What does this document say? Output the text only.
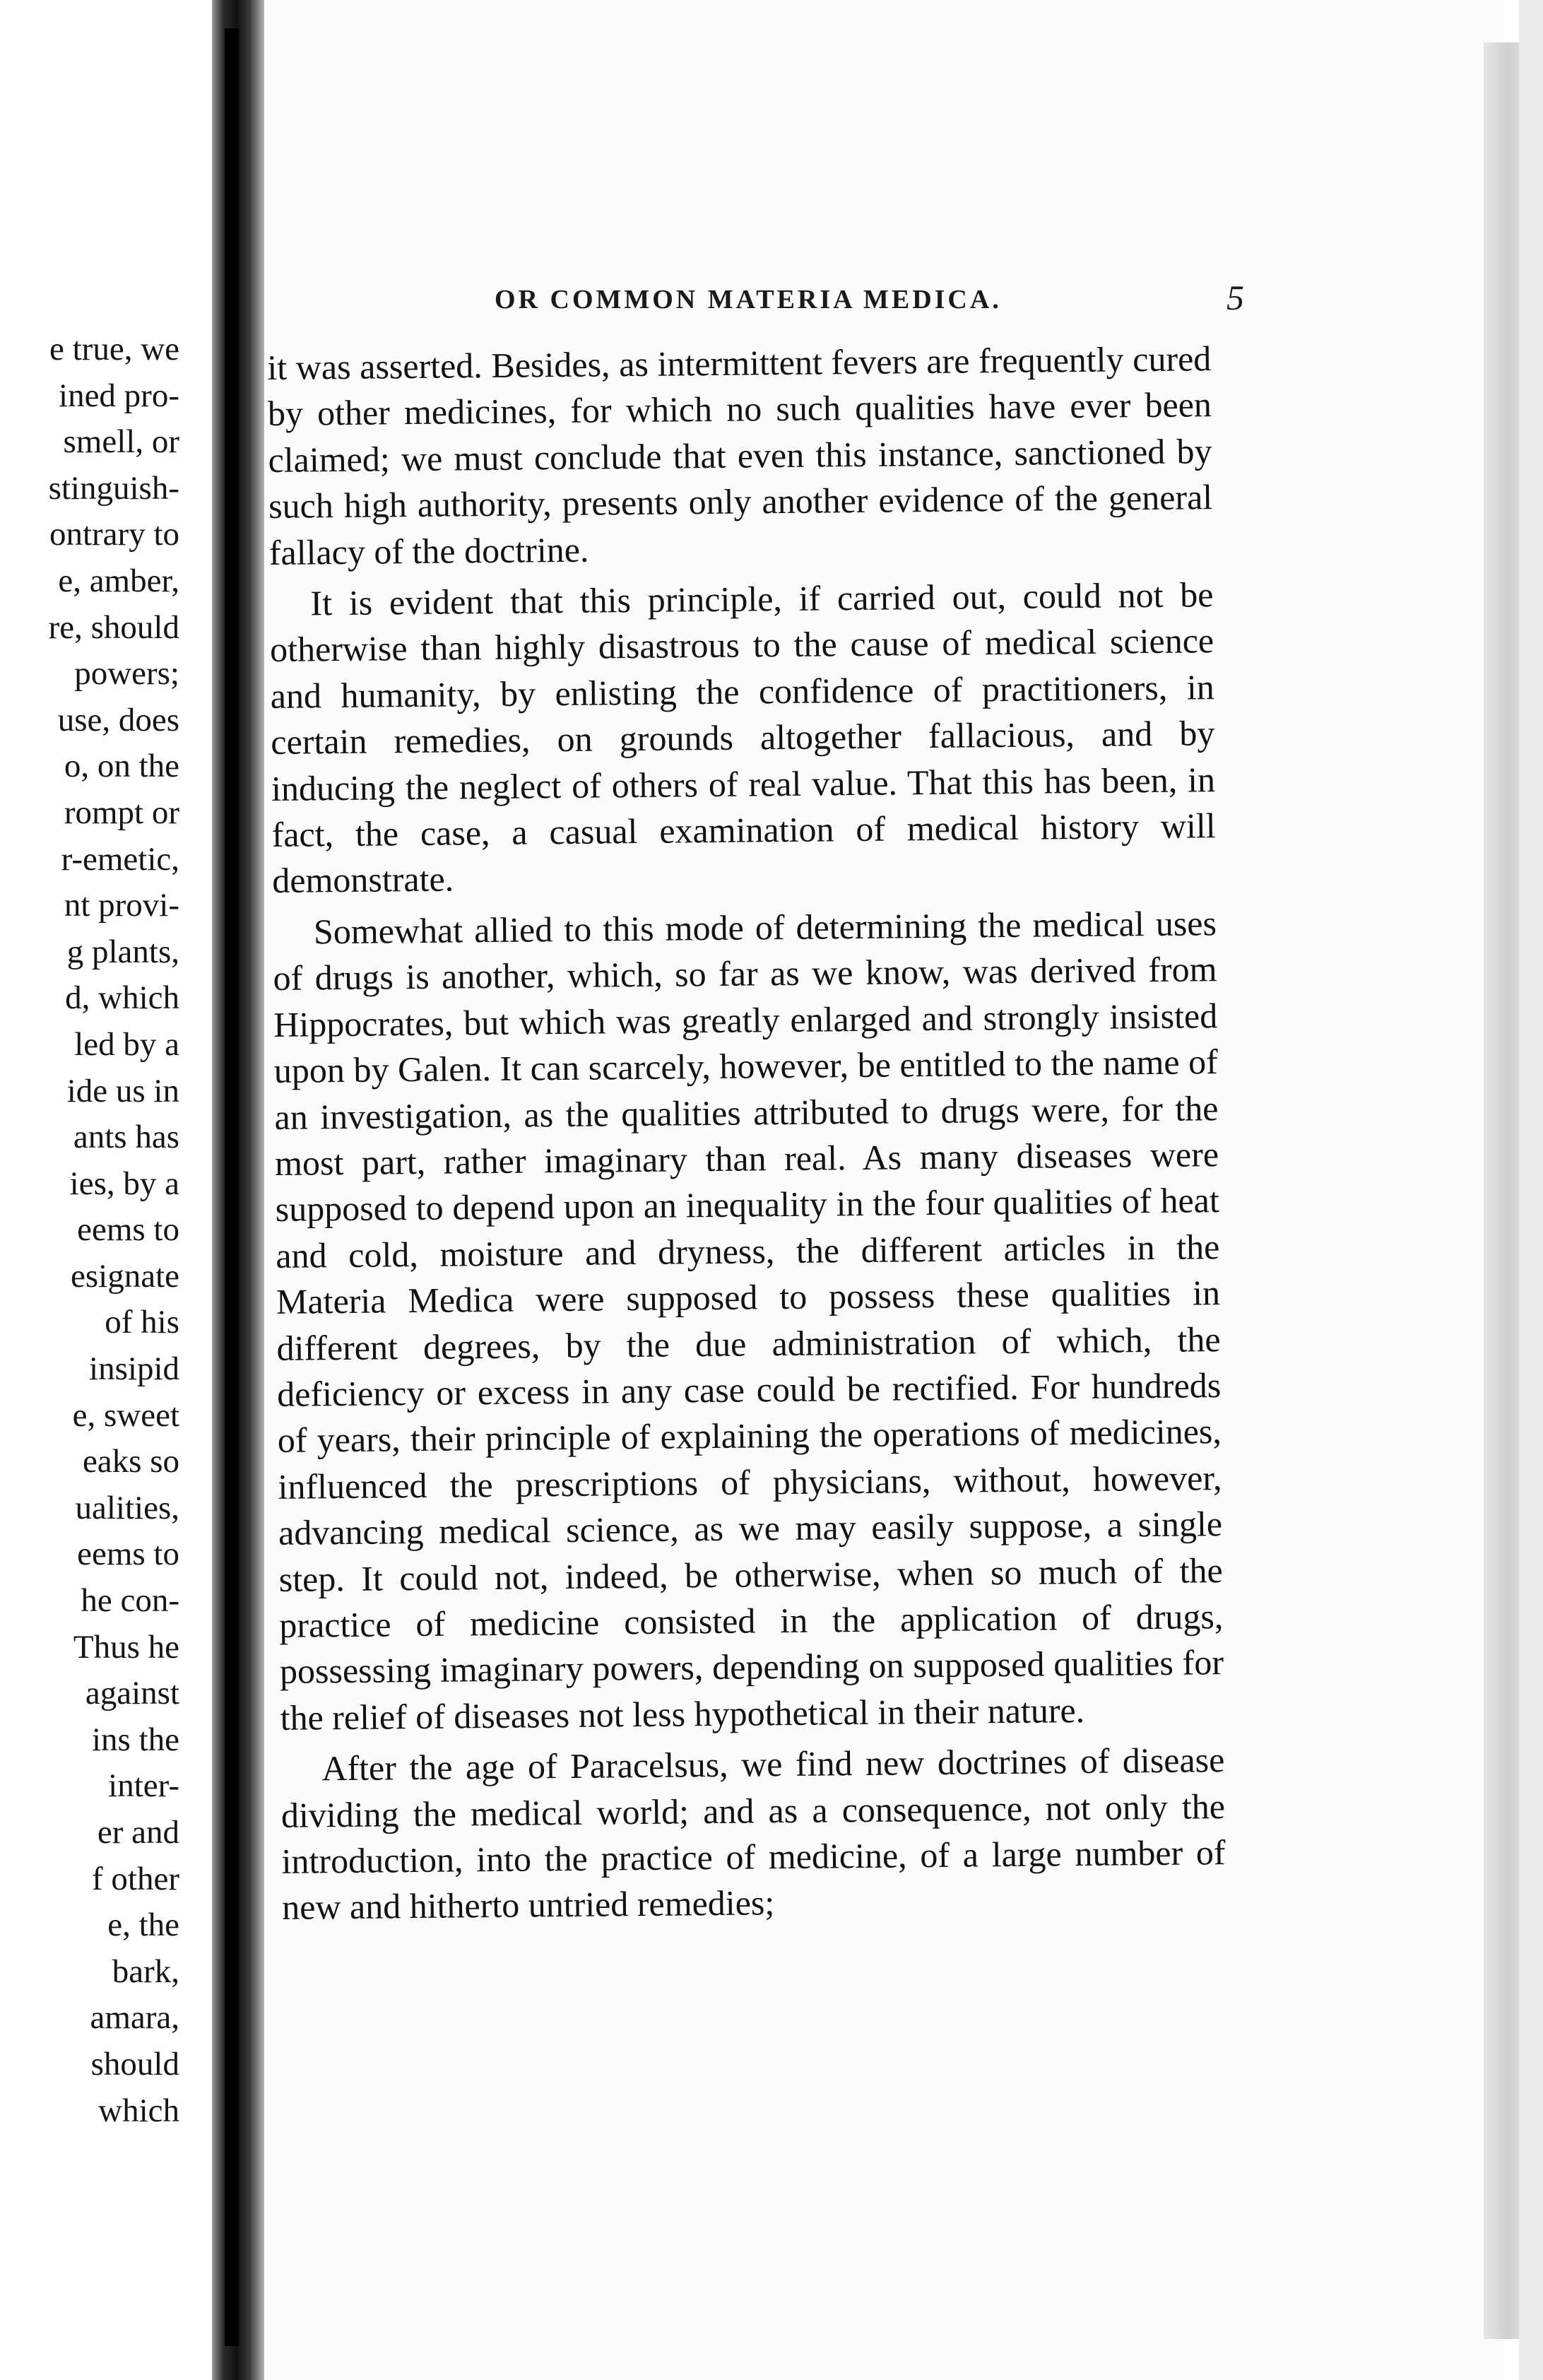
e true, we
ined pro-
smell, or
stinguish-
ontrary to
e, amber,
re, should
powers;
use, does
o, on the
rompt or
r-emetic,
nt provi-
g plants,
d, which
led by a
ide us in
ants has
ies, by a
eems to
esignate
of his
insipid
e, sweet
eaks so
ualities,
eems to
he con-
Thus he
against
ins the
inter-
er and
f other
e, the
bark,
amara,
should
which
OR COMMON MATERIA MEDICA.	5

it was asserted. Besides, as intermittent fevers are frequently cured by other medicines, for which no such qualities have ever been claimed; we must conclude that even this instance, sanctioned by such high authority, presents only another evidence of the general fallacy of the doctrine.

It is evident that this principle, if carried out, could not be otherwise than highly disastrous to the cause of medical science and humanity, by enlisting the confidence of practitioners, in certain remedies, on grounds altogether fallacious, and by inducing the neglect of others of real value. That this has been, in fact, the case, a casual examination of medical history will demonstrate.

Somewhat allied to this mode of determining the medical uses of drugs is another, which, so far as we know, was derived from Hippocrates, but which was greatly enlarged and strongly insisted upon by Galen. It can scarcely, however, be entitled to the name of an investigation, as the qualities attributed to drugs were, for the most part, rather imaginary than real. As many diseases were supposed to depend upon an inequality in the four qualities of heat and cold, moisture and dryness, the different articles in the Materia Medica were supposed to possess these qualities in different degrees, by the due administration of which, the deficiency or excess in any case could be rectified. For hundreds of years, their principle of explaining the operations of medicines, influenced the prescriptions of physicians, without, however, advancing medical science, as we may easily suppose, a single step. It could not, indeed, be otherwise, when so much of the practice of medicine consisted in the application of drugs, possessing imaginary powers, depending on supposed qualities for the relief of diseases not less hypothetical in their nature.

After the age of Paracelsus, we find new doctrines of disease dividing the medical world; and as a consequence, not only the introduction, into the practice of medicine, of a large number of new and hitherto untried remedies;
